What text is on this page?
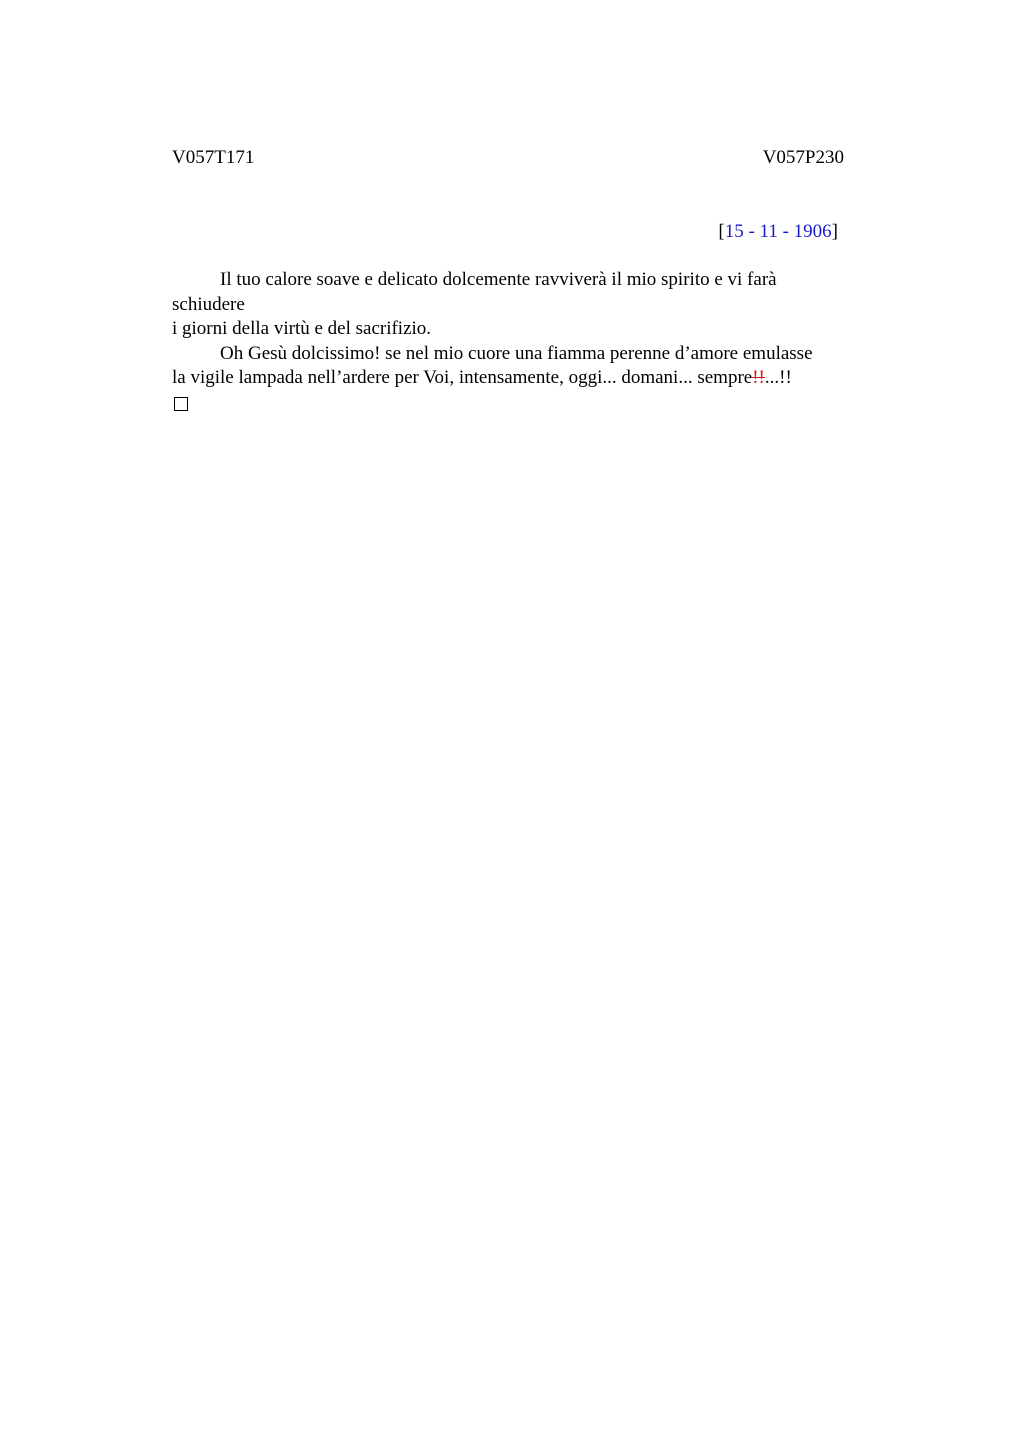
V057T171	V057P230
[15 - 11 - 1906]
Il tuo calore soave e delicato dolcemente ravviverà il mio spirito e vi farà
schiudere
i giorni della virtù e del sacrifizio.
Oh Gesù dolcissimo! se nel mio cuore una fiamma perenne d’amore emulasse
la vigile lampada nell’ardere per Voi, intensamente, oggi... domani... sempre!!...!!
